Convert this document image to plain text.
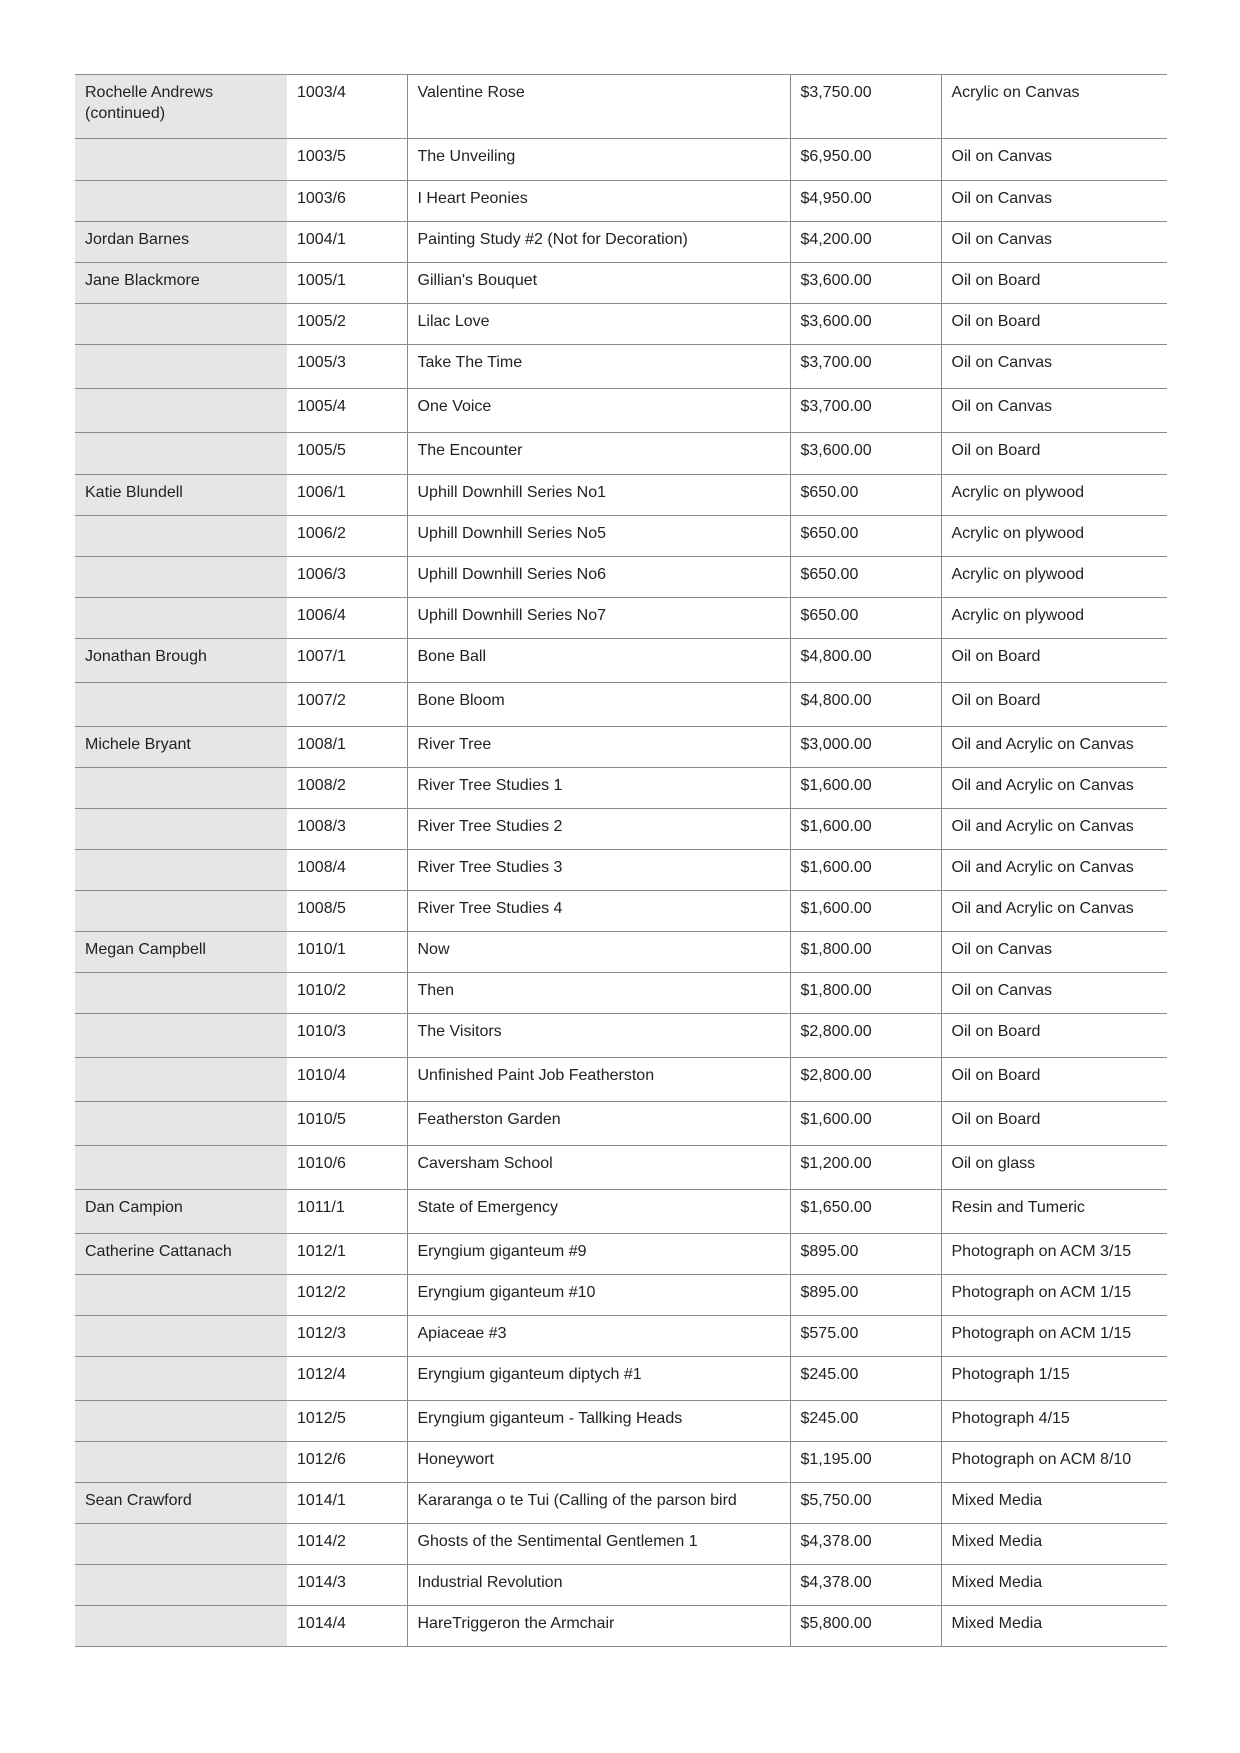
Rochelle Andrews (continued)	1003/4	Valentine Rose	$3,750.00	Acrylic on Canvas
	1003/5	The Unveiling	$6,950.00	Oil on Canvas
	1003/6	I Heart Peonies	$4,950.00	Oil on Canvas
Jordan Barnes	1004/1	Painting Study #2 (Not for Decoration)	$4,200.00	Oil on Canvas
Jane Blackmore	1005/1	Gillian's Bouquet	$3,600.00	Oil on Board
	1005/2	Lilac Love	$3,600.00	Oil on Board
	1005/3	Take The Time	$3,700.00	Oil on Canvas
	1005/4	One Voice	$3,700.00	Oil on Canvas
	1005/5	The Encounter	$3,600.00	Oil on Board
Katie Blundell	1006/1	Uphill Downhill Series No1	$650.00	Acrylic on plywood
	1006/2	Uphill Downhill Series No5	$650.00	Acrylic on plywood
	1006/3	Uphill Downhill Series No6	$650.00	Acrylic on plywood
	1006/4	Uphill Downhill Series No7	$650.00	Acrylic on plywood
Jonathan Brough	1007/1	Bone Ball	$4,800.00	Oil on Board
	1007/2	Bone Bloom	$4,800.00	Oil on Board
Michele Bryant	1008/1	River Tree	$3,000.00	Oil and Acrylic on Canvas
	1008/2	River Tree Studies 1	$1,600.00	Oil and Acrylic on Canvas
	1008/3	River Tree Studies 2	$1,600.00	Oil and Acrylic on Canvas
	1008/4	River Tree Studies 3	$1,600.00	Oil and Acrylic on Canvas
	1008/5	River Tree Studies 4	$1,600.00	Oil and Acrylic on Canvas
Megan Campbell	1010/1	Now	$1,800.00	Oil on Canvas
	1010/2	Then	$1,800.00	Oil on Canvas
	1010/3	The Visitors	$2,800.00	Oil on Board
	1010/4	Unfinished Paint Job Featherston	$2,800.00	Oil on Board
	1010/5	Featherston Garden	$1,600.00	Oil on Board
	1010/6	Caversham School	$1,200.00	Oil on glass
Dan Campion	1011/1	State of Emergency	$1,650.00	Resin and Tumeric
Catherine Cattanach	1012/1	Eryngium giganteum #9	$895.00	Photograph on ACM 3/15
	1012/2	Eryngium giganteum #10	$895.00	Photograph on ACM 1/15
	1012/3	Apiaceae #3	$575.00	Photograph on ACM 1/15
	1012/4	Eryngium giganteum diptych #1	$245.00	Photograph 1/15
	1012/5	Eryngium giganteum - Tallking Heads	$245.00	Photograph 4/15
	1012/6	Honeywort	$1,195.00	Photograph on ACM 8/10
Sean Crawford	1014/1	Kararanga o te Tui (Calling of the parson bird	$5,750.00	Mixed Media
	1014/2	Ghosts of the Sentimental Gentlemen 1	$4,378.00	Mixed Media
	1014/3	Industrial Revolution	$4,378.00	Mixed Media
	1014/4	HareTriggeron the Armchair	$5,800.00	Mixed Media
